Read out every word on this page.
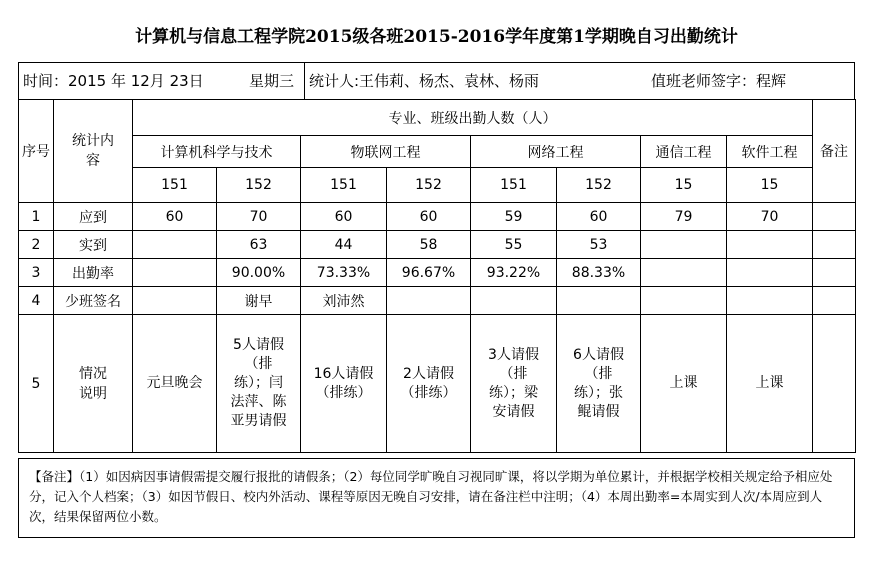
计算机与信息工程学院2015级各班2015-2016学年度第1学期晚自习出勤统计
时间：2015 年 12月 23日	星期三 统计人:王伟莉、杨杰、袁林、杨雨	值班老师签字：程辉
序号	统计内容	专业、班级出勤人数（人）								备注
		计算机科学与技术		物联网工程		网络工程		通信工程	软件工程	
		151	152	151	152	151	152	15	15	
1	应到	60	70	60	60	59	60	79	70	
2	实到		63	44	58	55	53			
3	出勤率		90.00%	73.33%	96.67%	93.22%	88.33%			
4	少班签名		谢早	刘沛然						
5	情况说明	元旦晚会	5人请假（排练）；闫法萍、陈亚男请假	16人请假（排练）	2人请假（排练）	3人请假（排练）；梁安请假	6人请假（排练）；张鲲请假	上课	上课	
【备注】（1）如因病因事请假需提交履行报批的请假条；（2）每位同学旷晚自习视同旷课，将以学期为单位累计，并根据学校相关规定给予相应处分，记入个人档案；（3）如因节假日、校内外活动、课程等原因无晚自习安排，请在备注栏中注明；（4）本周出勤率=本周实到人次/本周应到人次，结果保留两位小数。
